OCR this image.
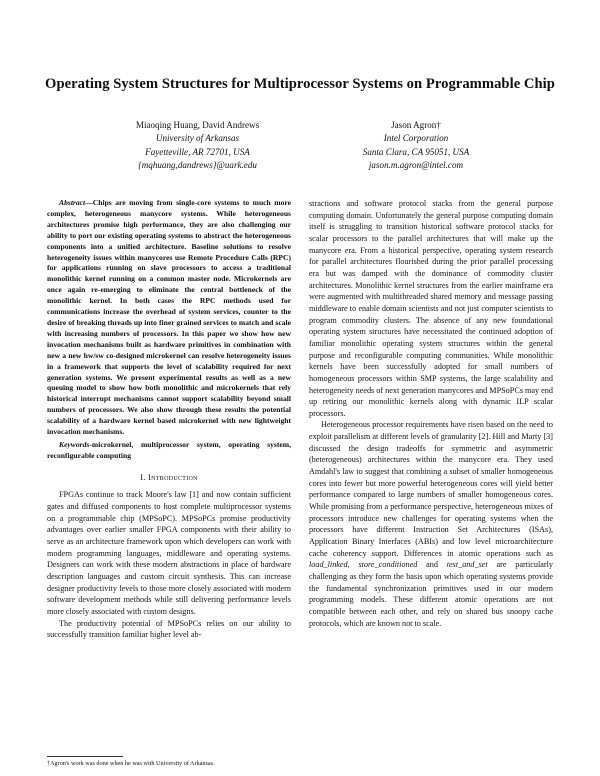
Operating System Structures for Multiprocessor Systems on Programmable Chip
Miaoqing Huang, David Andrews
University of Arkansas
Fayetteville, AR 72701, USA
{mqhuang,dandrews}@uark.edu
Jason Agron†
Intel Corporation
Santa Clara, CA 95051, USA
jason.m.agron@intel.com

Abstract—Chips are moving from single-core systems to much more complex, heterogeneous manycore systems. While heterogeneous architectures promise high performance, they are also challenging our ability to port our existing operating systems to abstract the heterogeneous components into a unified architecture. Baseline solutions to resolve heterogeneity issues within manycores use Remote Procedure Calls (RPC) for applications running on slave processors to access a traditional monolithic kernel running on a common master node. Microkernels are once again re-emerging to eliminate the central bottleneck of the monolithic kernel. In both cases the RPC methods used for communications increase the overhead of system services, counter to the desire of breaking threads up into finer grained services to match and scale with increasing numbers of processors. In this paper we show how new invocation mechanisms built as hardware primitives in combination with new a new hw/sw co-designed microkernel can resolve heterogeneity issues in a framework that supports the level of scalability required for next generation systems. We present experimental results as well as a new queuing model to show how both monolithic and microkernels that rely historical interrupt mechanisms cannot support scalability beyond small numbers of processors. We also show through these results the potential scalability of a hardware kernel based microkernel with new lightweight invocation mechanisms.

Keywords-microkernel, multiprocessor system, operating system, reconfigurable computing

I. Introduction

FPGAs continue to track Moore's law [1] and now contain sufficient gates and diffused components to host complete multiprocessor systems on a programmable chip (MPSoPC). MPSoPCs promise productivity advantages over earlier smaller FPGA components with their ability to serve as an architecture framework upon which developers can work with modern programming languages, middleware and operating systems. Designers can work with these modern abstractions in place of hardware description languages and custom circuit synthesis. This can increase designer productivity levels to those more closely associated with modern software development methods while still delivering performance levels more closely associated with custom designs.

The productivity potential of MPSoPCs relies on our ability to successfully transition familiar higher level ab-

stractions and software protocol stacks from the general purpose computing domain. Unfortunately the general purpose computing domain itself is struggling to transition historical software protocol stacks for scalar processors to the parallel architectures that will make up the manycore era. From a historical perspective, operating system research for parallel architectures flourished during the prior parallel processing era but was damped with the dominance of commodity cluster architectures. Monolithic kernel structures from the earlier mainframe era were augmented with multithreaded shared memory and message passing middleware to enable domain scientists and not just computer scientists to program commodity clusters. The absence of any new foundational operating system structures have necessitated the continued adoption of familiar monolithic operating system structures within the general purpose and reconfigurable computing communities. While monolithic kernels have been successfully adopted for small numbers of homogeneous processors within SMP systems, the large scalability and heterogeneity needs of next generation manycores and MPSoPCs may end up retiring our monolithic kernels along with dynamic ILP scalar processors.

Heterogeneous processor requirements have risen based on the need to exploit parallelism at different levels of granularity [2]. Hill and Marty [3] discussed the design tradeoffs for symmetric and asymmetric (heterogeneous) architectures within the manycore era. They used Amdahl's law to suggest that combining a subset of smaller homogeneous cores into fewer but more powerful heterogeneous cores will yield better performance compared to large numbers of smaller homogeneous cores. While promising from a performance perspective, heterogeneous mixes of processors introduce new challenges for operating systems when the processors have different Instruction Set Architectures (ISAs), Application Binary Interfaces (ABIs) and low level microarchitecture cache coherency support. Differences in atomic operations such as load_linked, store_conditioned and test_and_set are particularly challenging as they form the basis upon which operating systems provide the fundamental synchronization primitives used in our modern programming models. These different atomic operations are not compatible between each other, and rely on shared bus snoopy cache protocols, which are known not to scale.

†Agron's work was done when he was with University of Arkansas.
